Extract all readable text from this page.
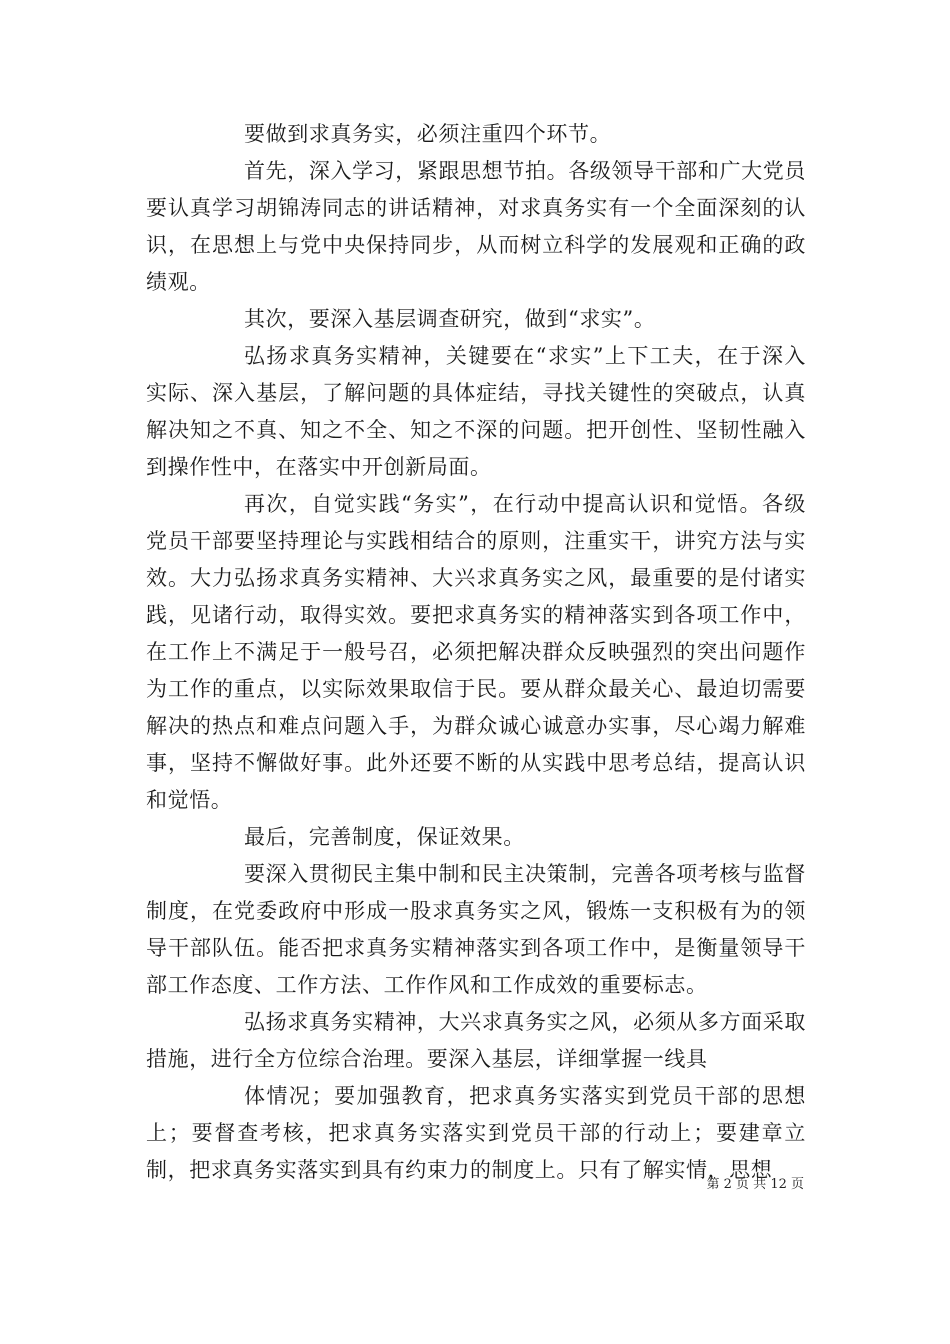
要做到求真务实，必须注重四个环节。

首先，深入学习，紧跟思想节拍。各级领导干部和广大党员要认真学习胡锦涛同志的讲话精神，对求真务实有一个全面深刻的认识，在思想上与党中央保持同步，从而树立科学的发展观和正确的政绩观。

其次，要深入基层调查研究，做到“求实”。

弘扬求真务实精神，关键要在“求实”上下工夫，在于深入实际、深入基层，了解问题的具体症结，寻找关键性的突破点，认真解决知之不真、知之不全、知之不深的问题。把开创性、坚韧性融入到操作性中，在落实中开创新局面。

再次，自觉实践“务实”，在行动中提高认识和觉悟。各级党员干部要坚持理论与实践相结合的原则，注重实干，讲究方法与实效。大力弘扬求真务实精神、大兴求真务实之风，最重要的是付诸实践，见诸行动，取得实效。要把求真务实的精神落实到各项工作中，在工作上不满足于一般号召，必须把解决群众反映强烈的突出问题作为工作的重点，以实际效果取信于民。要从群众最关心、最迫切需要解决的热点和难点问题入手，为群众诚心诚意办实事，尽心竭力解难事，坚持不懈做好事。此外还要不断的从实践中思考总结，提高认识和觉悟。

最后，完善制度，保证效果。

要深入贯彻民主集中制和民主决策制，完善各项考核与监督制度，在党委政府中形成一股求真务实之风，锻炼一支积极有为的领导干部队伍。能否把求真务实精神落实到各项工作中，是衡量领导干部工作态度、工作方法、工作作风和工作成效的重要标志。

弘扬求真务实精神，大兴求真务实之风，必须从多方面采取措施，进行全方位综合治理。要深入基层，详细掌握一线具

体情况；要加强教育，把求真务实落实到党员干部的思想上；要督查考核，把求真务实落实到党员干部的行动上；要建章立制，把求真务实落实到具有约束力的制度上。只有了解实情，思想

第 2 页 共 12 页
